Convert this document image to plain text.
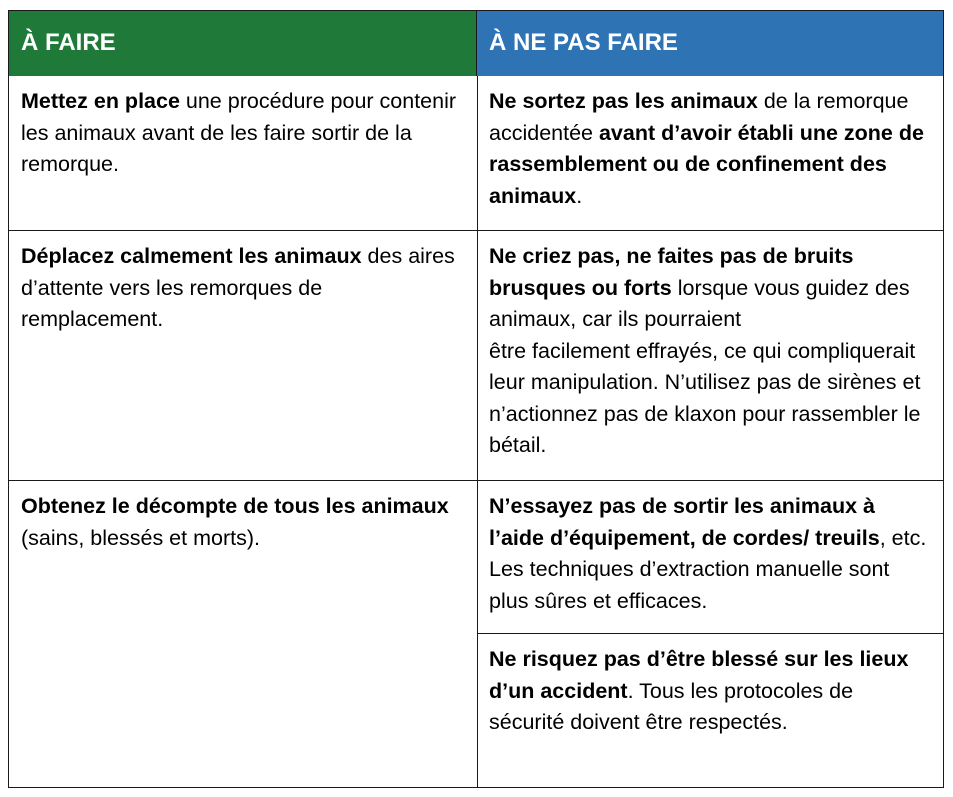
À FAIRE	À NE PAS FAIRE
Mettez en place une procédure pour contenir les animaux avant de les faire sortir de la remorque.
Ne sortez pas les animaux de la remorque accidentée avant d’avoir établi une zone de rassemblement ou de confinement des animaux.
Déplacez calmement les animaux des aires d’attente vers les remorques de remplacement.
Ne criez pas, ne faites pas de bruits brusques ou forts lorsque vous guidez des animaux, car ils pourraient
être facilement effrayés, ce qui compliquerait leur manipulation. N’utilisez pas de sirènes et n’actionnez pas de klaxon pour rassembler le bétail.
Obtenez le décompte de tous les animaux (sains, blessés et morts).
N’essayez pas de sortir les animaux à l’aide d’équipement, de cordes/ treuils, etc. Les techniques d’extraction manuelle sont plus sûres et efficaces.
Ne risquez pas d’être blessé sur les lieux d’un accident. Tous les protocoles de sécurité doivent être respectés.
